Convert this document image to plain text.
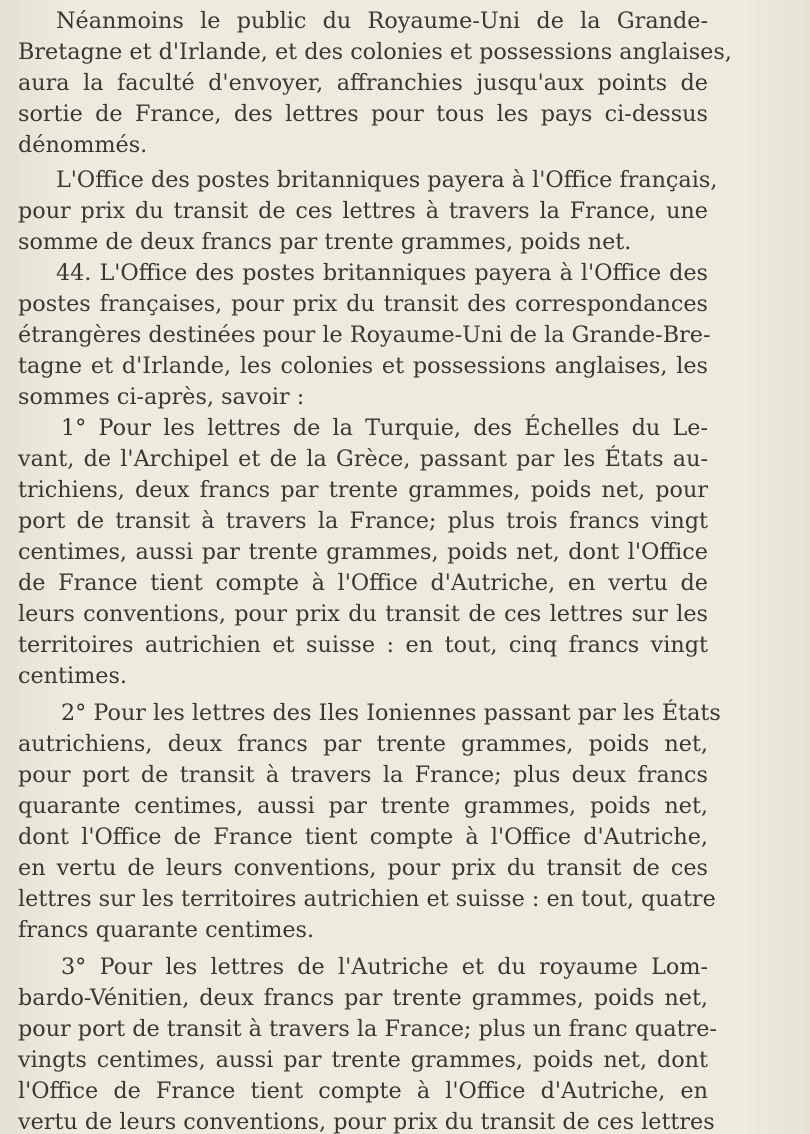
Néanmoins le public du Royaume-Uni de la Grande-
Bretagne et d'Irlande, et des colonies et possessions anglaises,
aura la faculté d'envoyer, affranchies jusqu'aux points de
sortie de France, des lettres pour tous les pays ci-dessus
dénommés.
L'Office des postes britanniques payera à l'Office français,
pour prix du transit de ces lettres à travers la France, une
somme de deux francs par trente grammes, poids net.
44. L'Office des postes britanniques payera à l'Office des
postes françaises, pour prix du transit des correspondances
étrangères destinées pour le Royaume-Uni de la Grande-Bre-
tagne et d'Irlande, les colonies et possessions anglaises, les
sommes ci-après, savoir :
1° Pour les lettres de la Turquie, des Échelles du Le-
vant, de l'Archipel et de la Grèce, passant par les États au-
trichiens, deux francs par trente grammes, poids net, pour
port de transit à travers la France; plus trois francs vingt
centimes, aussi par trente grammes, poids net, dont l'Office
de France tient compte à l'Office d'Autriche, en vertu de
leurs conventions, pour prix du transit de ces lettres sur les
territoires autrichien et suisse : en tout, cinq francs vingt
centimes.
2° Pour les lettres des Iles Ioniennes passant par les États
autrichiens, deux francs par trente grammes, poids net,
pour port de transit à travers la France; plus deux francs
quarante centimes, aussi par trente grammes, poids net,
dont l'Office de France tient compte à l'Office d'Autriche,
en vertu de leurs conventions, pour prix du transit de ces
lettres sur les territoires autrichien et suisse : en tout, quatre
francs quarante centimes.
3° Pour les lettres de l'Autriche et du royaume Lom-
bardo-Vénitien, deux francs par trente grammes, poids net,
pour port de transit à travers la France; plus un franc quatre-
vingts centimes, aussi par trente grammes, poids net, dont
l'Office de France tient compte à l'Office d'Autriche, en
vertu de leurs conventions, pour prix du transit de ces lettres
